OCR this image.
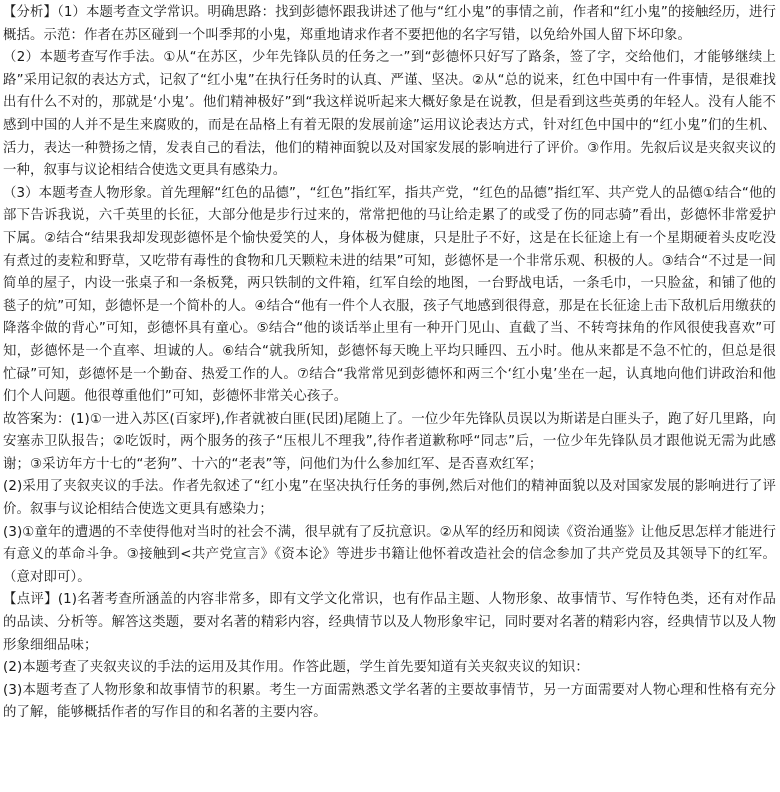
【分析】（1）本题考查文学常识。明确思路：找到彭德怀跟我讲述了他与“红小鬼”的事情之前，作者和“红小鬼”的接触经历，进行概括。示范：作者在苏区碰到一个叫季邦的小鬼，郑重地请求作者不要把他的名字写错，以免给外国人留下坏印象。

（2）本题考查写作手法。①从“在苏区，少年先锋队员的任务之一”到“彭德怀只好写了路条，签了字，交给他们，才能够继续上路”采用记叙的表达方式，记叙了“红小鬼”在执行任务时的认真、严谨、坚决。②从“总的说来，红色中国中有一件事情，是很难找出有什么不对的，那就是‘小鬼’。他们精神极好”到“我这样说听起来大概好象是在说教，但是看到这些英勇的年轻人。没有人能不感到中国的人并不是生来腐败的，而是在品格上有着无限的发展前途”运用议论表达方式，针对红色中国中的“红小鬼”们的生机、活力，表达一种赞扬之情，发表自己的看法，他们的精神面貌以及对国家发展的影响进行了评价。③作用。先叙后议是夹叙夹议的一种，叙事与议论相结合使选文更具有感染力。

（3）本题考查人物形象。首先理解“红色的品德”，“红色”指红军，指共产党，“红色的品德”指红军、共产党人的品德①结合“他的部下告诉我说，六千英里的长征，大部分他是步行过来的，常常把他的马让给走累了的或受了伤的同志骑”看出，彭德怀非常爱护下属。②结合“结果我却发现彭德怀是个愉快爱笑的人，身体极为健康，只是肚子不好，这是在长征途上有一个星期硬着头皮吃没有煮过的麦粒和野草，又吃带有毒性的食物和几天颗粒未进的结果”可知，彭德怀是一个非常乐观、积极的人。③结合“不过是一间简单的屋子，内设一张桌子和一条板凳，两只铁制的文件箱，红军自绘的地图，一台野战电话，一条毛巾，一只脸盆，和铺了他的毯子的炕”可知，彭德怀是一个简朴的人。④结合“他有一件个人衣服，孩子气地感到很得意，那是在长征途上击下敌机后用缴获的降落伞做的背心”可知，彭德怀具有童心。⑤结合“他的谈话举止里有一种开门见山、直截了当、不转弯抹角的作风很使我喜欢”可知，彭德怀是一个直率、坦诚的人。⑥结合“就我所知，彭德怀每天晚上平均只睡四、五小时。他从来都是不急不忙的，但总是很忙碌”可知，彭德怀是一个勤奋、热爱工作的人。⑦结合“我常常见到彭德怀和两三个‘红小鬼’坐在一起，认真地向他们讲政治和他们个人问题。他很尊重他们”可知，彭德怀非常关心孩子。

故答案为：(1)①一进入苏区(百家坪),作者就被白匪(民团)尾随上了。一位少年先锋队员误以为斯诺是白匪头子，跑了好几里路，向安塞赤卫队报告；②吃饭时，两个服务的孩子“压根儿不理我”,待作者道歉称呼“同志”后，一位少年先锋队员才跟他说无需为此感谢；③采访年方十七的“老狗”、十六的“老表”等，问他们为什么参加红军、是否喜欢红军；

(2)采用了夹叙夹议的手法。作者先叙述了“红小鬼”在坚决执行任务的事例,然后对他们的精神面貌以及对国家发展的影响进行了评价。叙事与议论相结合使选文更具有感染力；

(3)①童年的遭遇的不幸使得他对当时的社会不满，很早就有了反抗意识。②从军的经历和阅读《资治通鉴》让他反思怎样才能进行有意义的革命斗争。③接触到<共产党宣言》《资本论》等进步书籍让他怀着改造社会的信念参加了共产党员及其领导下的红军。（意对即可）。

【点评】(1)名著考查所涵盖的内容非常多，即有文学文化常识，也有作品主题、人物形象、故事情节、写作特色类，还有对作品的品读、分析等。解答这类题，要对名著的精彩内容，经典情节以及人物形象牢记，同时要对名著的精彩内容，经典情节以及人物形象细细品味；

(2)本题考查了夹叙夹议的手法的运用及其作用。作答此题，学生首先要知道有关夹叙夹议的知识：

(3)本题考查了人物形象和故事情节的积累。考生一方面需熟悉文学名著的主要故事情节，另一方面需要对人物心理和性格有充分的了解，能够概括作者的写作目的和名著的主要内容。
